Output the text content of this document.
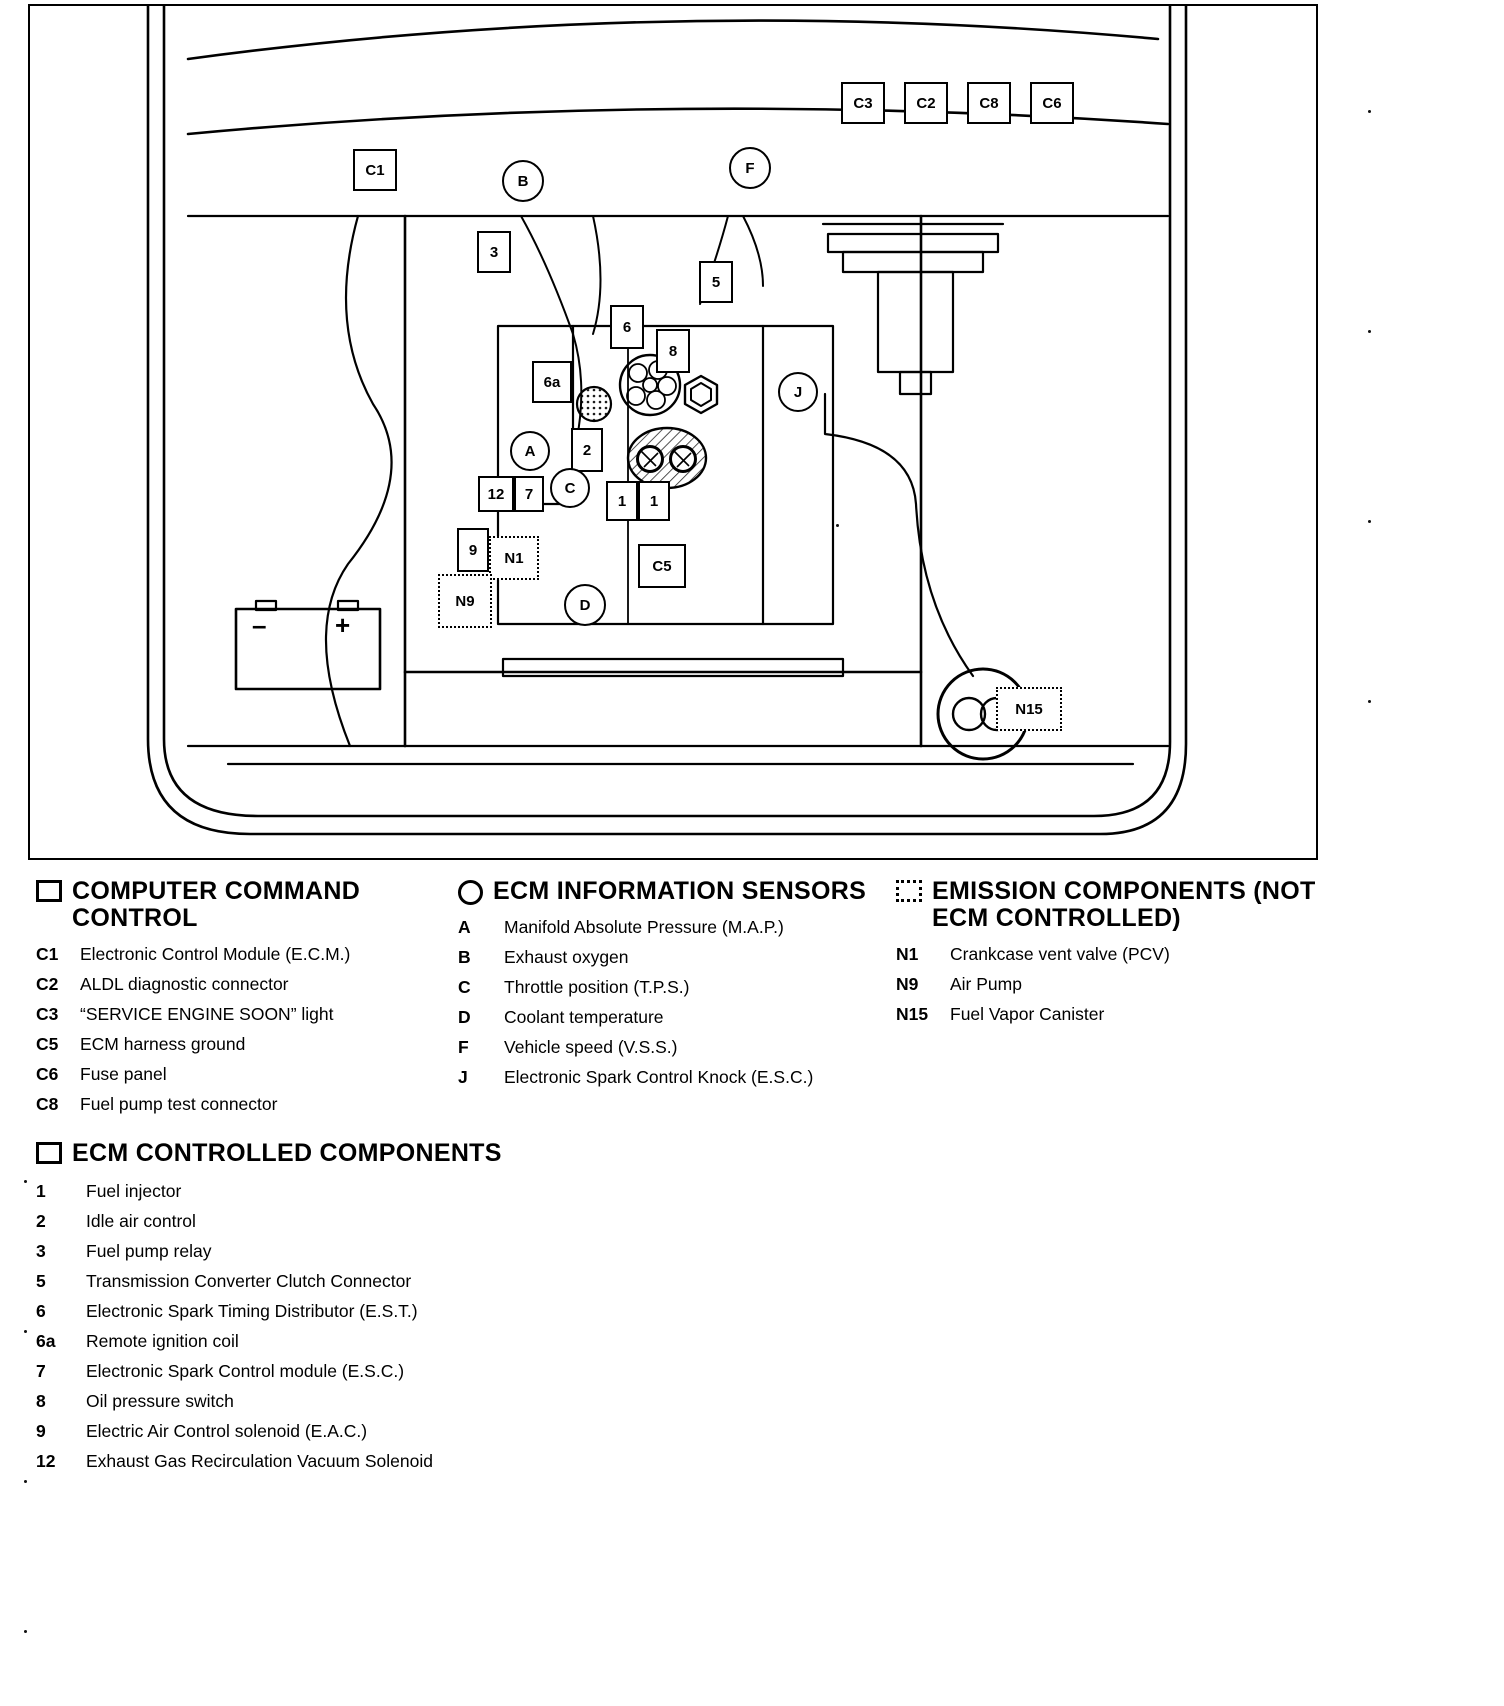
C3	C2	C8	C6
C1
B
F
3
5
6
8
6a
J
A	2
12	7	C
1	1
9	N1	C5
N9	D
N15
–	+
COMPUTER COMMAND CONTROL
C1	Electronic Control Module (E.C.M.)
C2	ALDL diagnostic connector
C3	“SERVICE ENGINE SOON” light
C5	ECM harness ground
C6	Fuse panel
C8	Fuel pump test connector
ECM INFORMATION SENSORS
A	Manifold Absolute Pressure (M.A.P.)
B	Exhaust oxygen
C	Throttle position (T.P.S.)
D	Coolant temperature
F	Vehicle speed (V.S.S.)
J	Electronic Spark Control Knock (E.S.C.)
EMISSION COMPONENTS (NOT ECM CONTROLLED)
N1	Crankcase vent valve (PCV)
N9	Air Pump
N15	Fuel Vapor Canister
ECM CONTROLLED COMPONENTS
1	Fuel injector
2	Idle air control
3	Fuel pump relay
5	Transmission Converter Clutch Connector
6	Electronic Spark Timing Distributor (E.S.T.)
6a	Remote ignition coil
7	Electronic Spark Control module (E.S.C.)
8	Oil pressure switch
9	Electric Air Control solenoid (E.A.C.)
12	Exhaust Gas Recirculation Vacuum Solenoid
